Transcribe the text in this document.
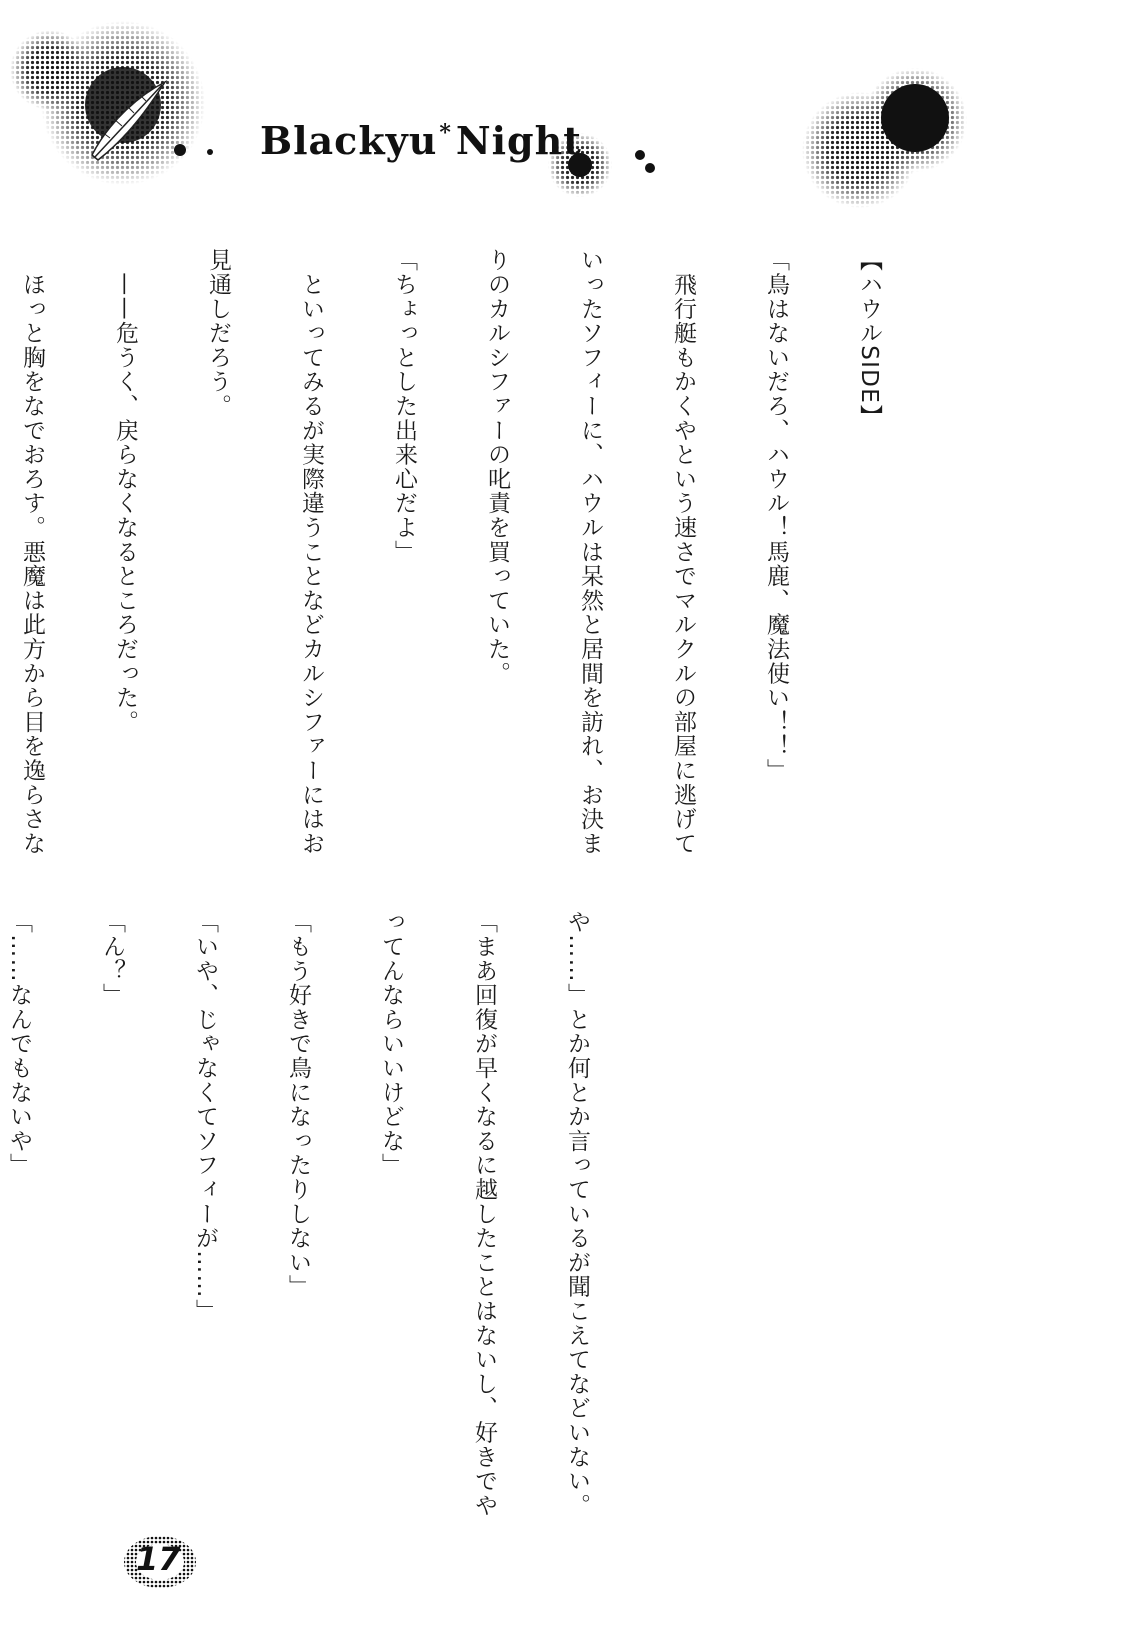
Blackyu* Night

【ハウルSIDE】

「鳥はないだろ、ハウル！馬鹿、魔法使い！！」

　飛行艇もかくやという速さでマルクルの部屋に逃げて

いったソフィーに、ハウルは呆然と居間を訪れ、お決ま

りのカルシファーの叱責を買っていた。

「ちょっとした出来心だよ」

　といってみるが実際違うことなどカルシファーにはお

見通しだろう。

　——危うく、戻らなくなるところだった。

　ほっと胸をなでおろす。悪魔は此方から目を逸らさな

や……」とか何とか言っているが聞こえてなどいない。

「まあ回復が早くなるに越したことはないし、好きでや

ってんならいいけどな」

「もう好きで鳥になったりしない」

「いや、じゃなくてソフィーが……」

「ん？」

「……なんでもないや」

17
